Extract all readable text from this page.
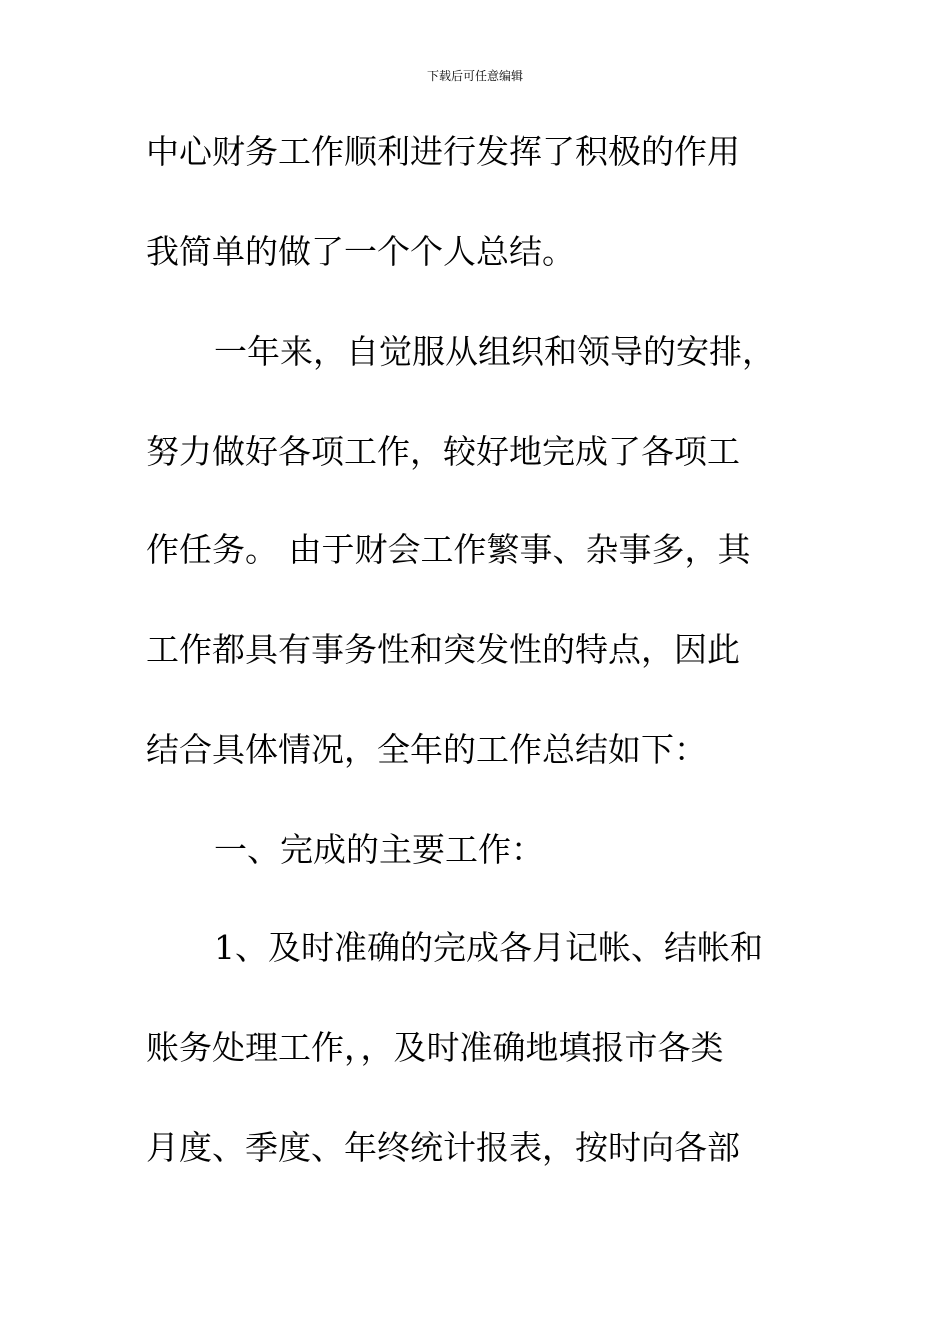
下载后可任意编辑
中心财务工作顺利进行发挥了积极的作用
我简单的做了一个个人总结。
一年来，自觉服从组织和领导的安排，
努力做好各项工作，较好地完成了各项工
作任务。 由于财会工作繁事、杂事多，其
工作都具有事务性和突发性的特点，因此
结合具体情况，全年的工作总结如下：
一、完成的主要工作：
1、及时准确的完成各月记帐、结帐和
账务处理工作，，及时准确地填报市各类
月度、季度、年终统计报表，按时向各部
